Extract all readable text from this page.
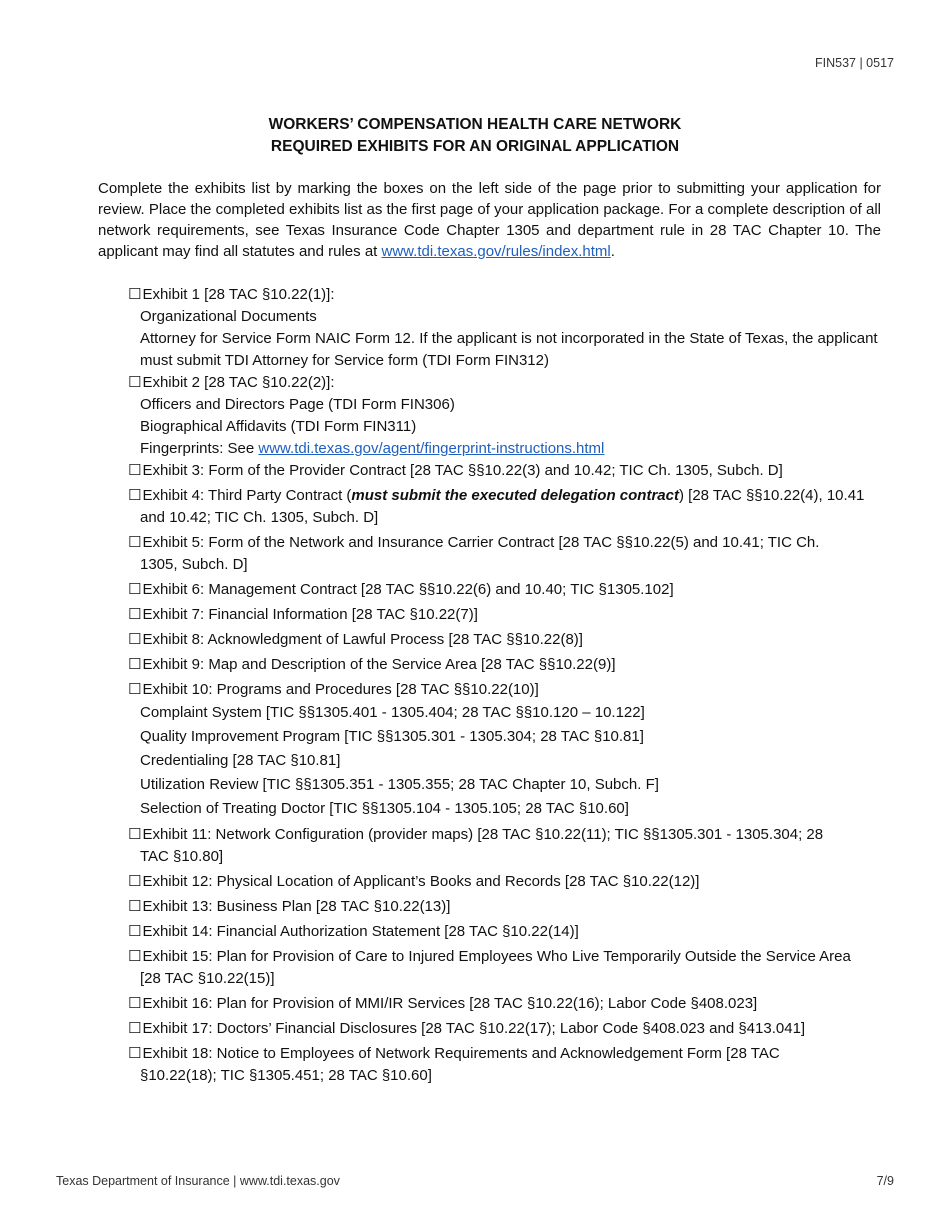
FIN537 | 0517
WORKERS’ COMPENSATION HEALTH CARE NETWORK
REQUIRED EXHIBITS FOR AN ORIGINAL APPLICATION
Complete the exhibits list by marking the boxes on the left side of the page prior to submitting your application for review. Place the completed exhibits list as the first page of your application package. For a complete description of all network requirements, see Texas Insurance Code Chapter 1305 and department rule in 28 TAC Chapter 10. The applicant may find all statutes and rules at www.tdi.texas.gov/rules/index.html.
☐Exhibit 1 [28 TAC §10.22(1)]:
Organizational Documents
Attorney for Service Form NAIC Form 12. If the applicant is not incorporated in the State of Texas, the applicant must submit TDI Attorney for Service form (TDI Form FIN312)
☐Exhibit 2 [28 TAC §10.22(2)]:
Officers and Directors Page (TDI Form FIN306)
Biographical Affidavits (TDI Form FIN311)
Fingerprints: See www.tdi.texas.gov/agent/fingerprint-instructions.html
☐Exhibit 3: Form of the Provider Contract [28 TAC §§10.22(3) and 10.42; TIC Ch. 1305, Subch. D]
☐Exhibit 4: Third Party Contract (must submit the executed delegation contract) [28 TAC §§10.22(4), 10.41
and 10.42; TIC Ch. 1305, Subch. D]
☐Exhibit 5: Form of the Network and Insurance Carrier Contract [28 TAC §§10.22(5) and 10.41; TIC Ch.
1305, Subch. D]
☐Exhibit 6: Management Contract [28 TAC §§10.22(6) and 10.40; TIC §1305.102]
☐Exhibit 7: Financial Information [28 TAC §10.22(7)]
☐Exhibit 8: Acknowledgment of Lawful Process [28 TAC §§10.22(8)]
☐Exhibit 9: Map and Description of the Service Area [28 TAC §§10.22(9)]
☐Exhibit 10: Programs and Procedures [28 TAC §§10.22(10)]
Complaint System [TIC §§1305.401 - 1305.404; 28 TAC §§10.120 – 10.122]
Quality Improvement Program [TIC §§1305.301 - 1305.304; 28 TAC §10.81]
Credentialing [28 TAC §10.81]
Utilization Review [TIC §§1305.351 - 1305.355; 28 TAC Chapter 10, Subch. F]
Selection of Treating Doctor [TIC §§1305.104 - 1305.105; 28 TAC §10.60]
☐Exhibit 11: Network Configuration (provider maps) [28 TAC §10.22(11); TIC §§1305.301 - 1305.304; 28
TAC §10.80]
☐Exhibit 12: Physical Location of Applicant’s Books and Records [28 TAC §10.22(12)]
☐Exhibit 13: Business Plan [28 TAC §10.22(13)]
☐Exhibit 14: Financial Authorization Statement [28 TAC §10.22(14)]
☐Exhibit 15: Plan for Provision of Care to Injured Employees Who Live Temporarily Outside the Service Area
[28 TAC §10.22(15)]
☐Exhibit 16: Plan for Provision of MMI/IR Services [28 TAC §10.22(16); Labor Code §408.023]
☐Exhibit 17: Doctors’ Financial Disclosures [28 TAC §10.22(17); Labor Code §408.023 and §413.041]
☐Exhibit 18: Notice to Employees of Network Requirements and Acknowledgement Form [28 TAC
§10.22(18); TIC §1305.451; 28 TAC §10.60]
Texas Department of Insurance | www.tdi.texas.gov	7/9
